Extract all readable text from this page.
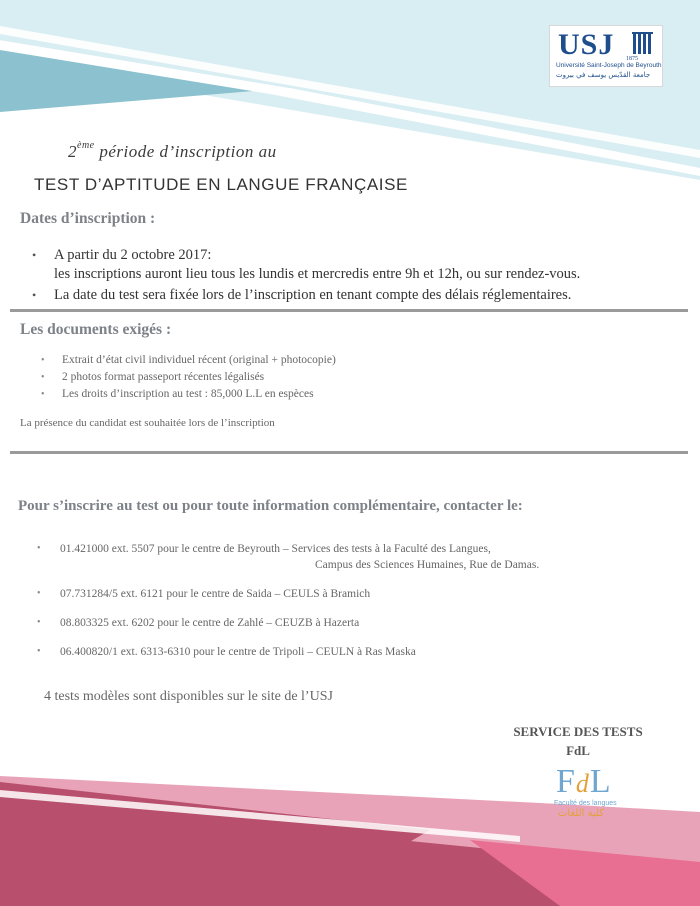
USJ 1875
Université Saint-Joseph de Beyrouth
جامعة القدّيس يوسف في بيروت
2ème période d’inscription au
TEST D’APTITUDE EN LANGUE FRANÇAISE
Dates d’inscription :
• A partir du 2 octobre 2017:
les inscriptions auront lieu tous les lundis et mercredis entre 9h et 12h, ou sur rendez-vous.
• La date du test sera fixée lors de l’inscription en tenant compte des délais réglementaires.
Les documents exigés :
• Extrait d’état civil individuel récent (original + photocopie)
• 2 photos format passeport récentes légalisés
• Les droits d’inscription au test : 85,000 L.L en espèces
La présence du candidat est souhaitée lors de l’inscription
Pour s’inscrire au test ou pour toute information complémentaire, contacter le:
• 01.421000 ext. 5507 pour le centre de Beyrouth – Services des tests à la Faculté des Langues,
Campus des Sciences Humaines, Rue de Damas.
• 07.731284/5 ext. 6121 pour le centre de Saida – CEULS à Bramich
• 08.803325 ext. 6202 pour le centre de Zahlé – CEUZB à Hazerta
• 06.400820/1 ext. 6313-6310 pour le centre de Tripoli – CEULN à Ras Maska
4 tests modèles sont disponibles sur le site de l’USJ
SERVICE DES TESTS
FdL
FdL
Faculté des langues
كلية اللغات
